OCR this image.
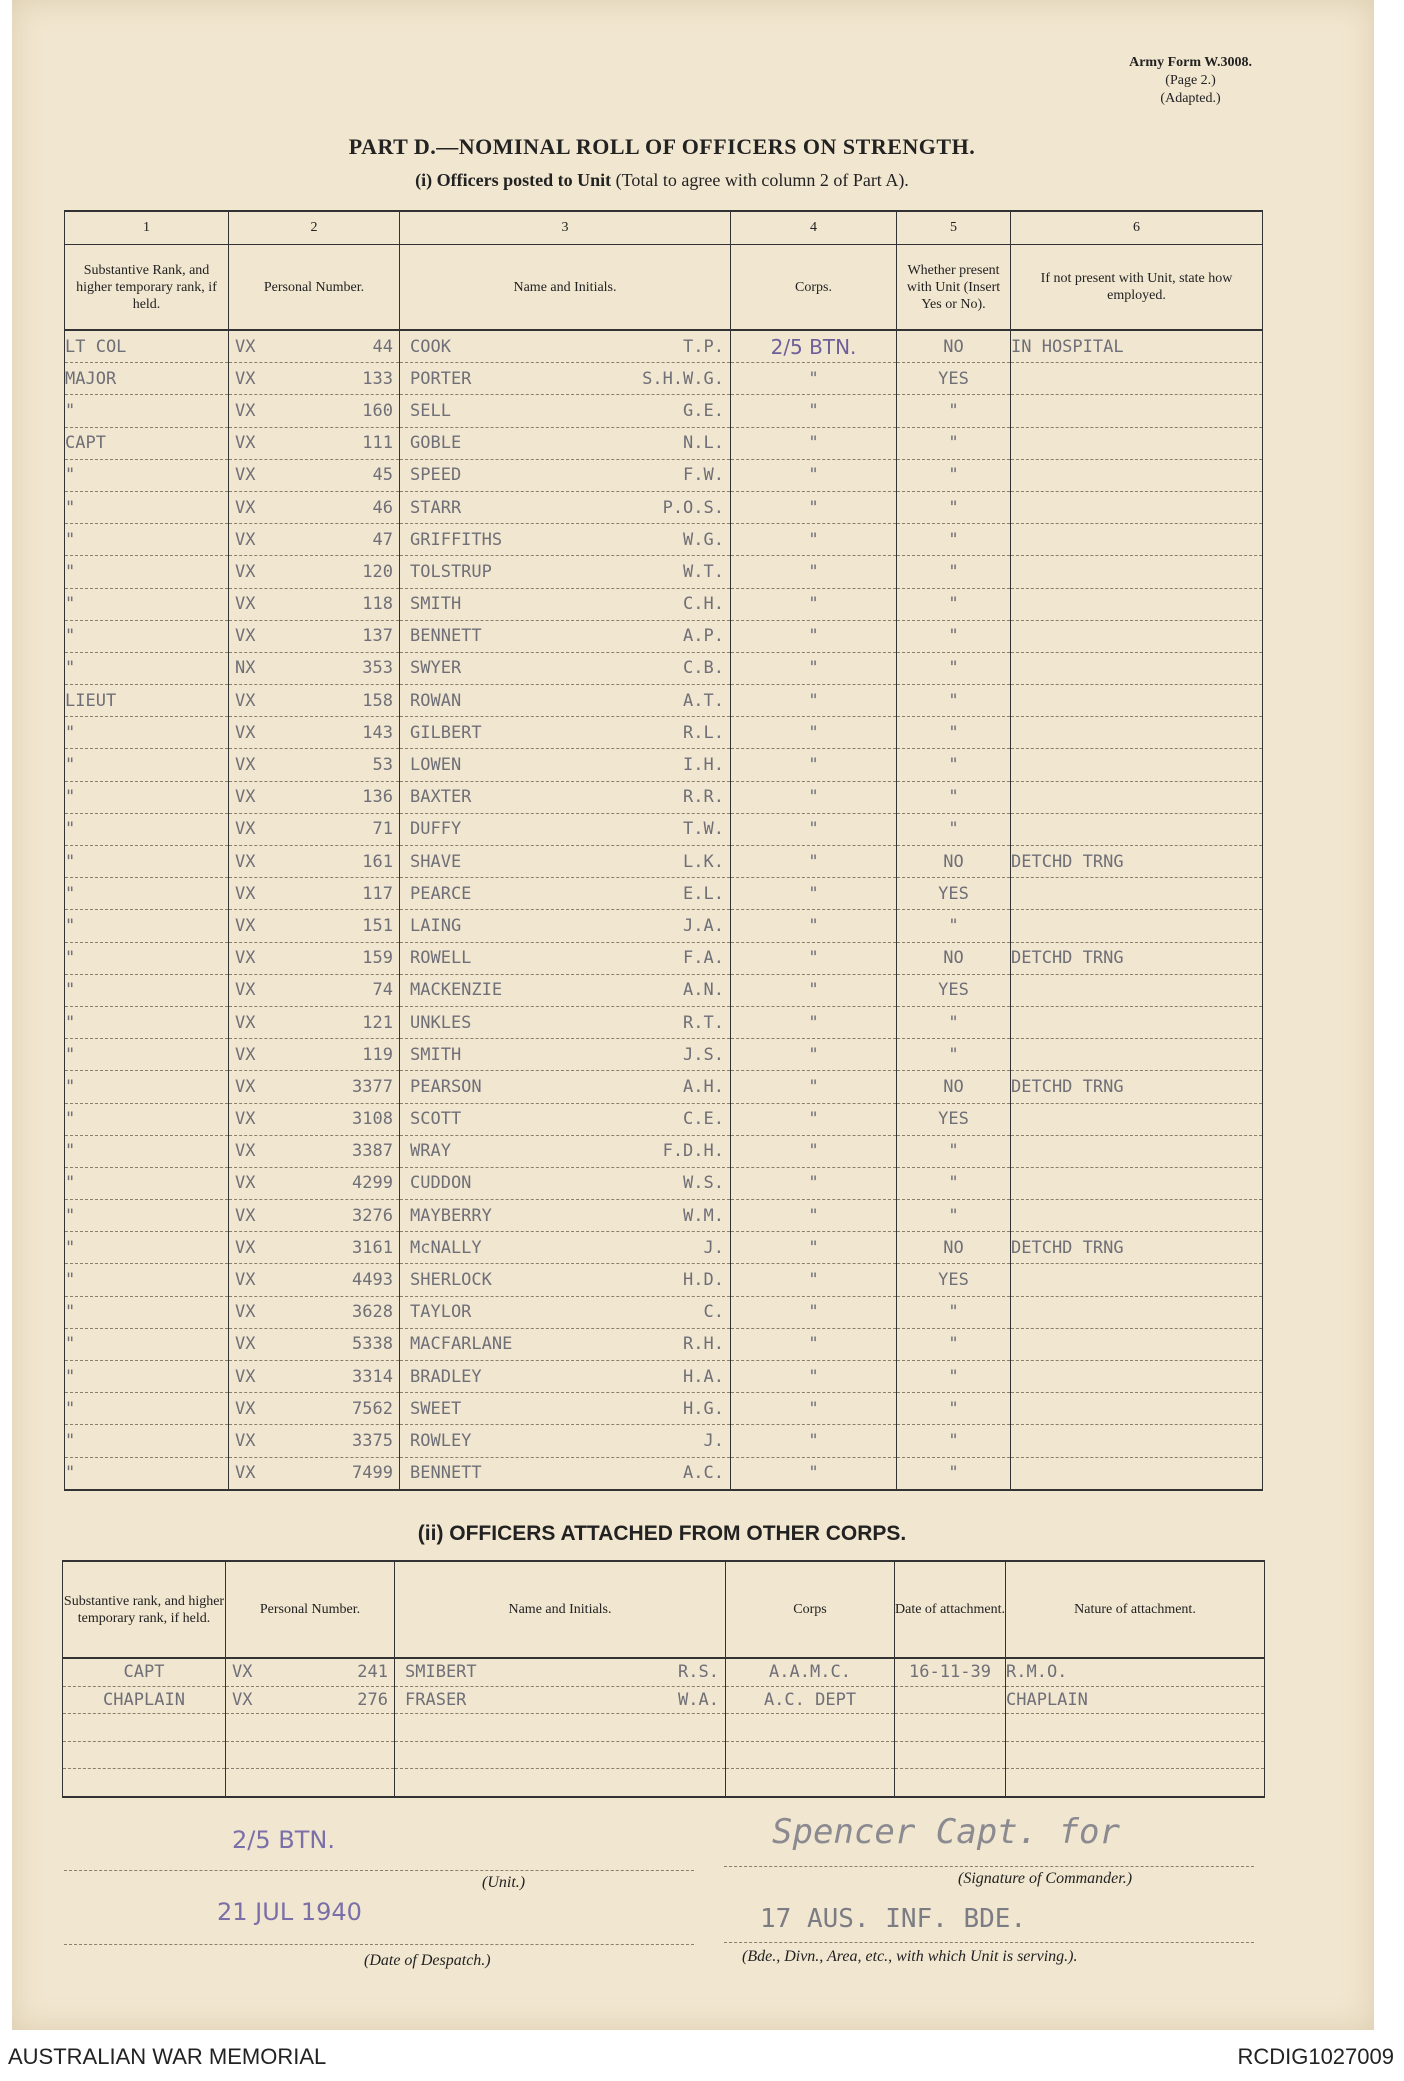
Army Form W.3008.
(Page 2.)
(Adapted.)
PART D.—NOMINAL ROLL OF OFFICERS ON STRENGTH.
(i) Officers posted to Unit (Total to agree with column 2 of Part A).
1	2	3	4	5	6
Substantive Rank, and higher temporary rank, if held.	Personal Number.	Name and Initials.	Corps.	Whether present with Unit (Insert Yes or No).	If not present with Unit, state how employed.
LT COL	VX 44	COOK T.P.	2/5 BTN.	NO	IN HOSPITAL
MAJOR	VX 133	PORTER S.H.W.G.	"	YES	
"	VX 160	SELL G.E.	"	"	
CAPT	VX 111	GOBLE N.L.	"	"	
"	VX 45	SPEED F.W.	"	"	
"	VX 46	STARR P.O.S.	"	"	
"	VX 47	GRIFFITHS W.G.	"	"	
"	VX 120	TOLSTRUP W.T.	"	"	
"	VX 118	SMITH C.H.	"	"	
"	VX 137	BENNETT A.P.	"	"	
"	NX 353	SWYER C.B.	"	"	
LIEUT	VX 158	ROWAN A.T.	"	"	
"	VX 143	GILBERT R.L.	"	"	
"	VX 53	LOWEN I.H.	"	"	
"	VX 136	BAXTER R.R.	"	"	
"	VX 71	DUFFY T.W.	"	"	
"	VX 161	SHAVE L.K.	"	NO	DETCHD TRNG
"	VX 117	PEARCE E.L.	"	YES	
"	VX 151	LAING J.A.	"	"	
"	VX 159	ROWELL F.A.	"	NO	DETCHD TRNG
"	VX 74	MACKENZIE A.N.	"	YES	
"	VX 121	UNKLES R.T.	"	"	
"	VX 119	SMITH J.S.	"	"	
"	VX 3377	PEARSON A.H.	"	NO	DETCHD TRNG
"	VX 3108	SCOTT C.E.	"	YES	
"	VX 3387	WRAY F.D.H.	"	"	
"	VX 4299	CUDDON W.S.	"	"	
"	VX 3276	MAYBERRY W.M.	"	"	
"	VX 3161	McNALLY J.	"	NO	DETCHD TRNG
"	VX 4493	SHERLOCK H.D.	"	YES	
"	VX 3628	TAYLOR C.	"	"	
"	VX 5338	MACFARLANE R.H.	"	"	
"	VX 3314	BRADLEY H.A.	"	"	
"	VX 7562	SWEET H.G.	"	"	
"	VX 3375	ROWLEY J.	"	"	
"	VX 7499	BENNETT A.C.	"	"	
(ii) OFFICERS ATTACHED FROM OTHER CORPS.
Substantive rank, and higher temporary rank, if held.	Personal Number.	Name and Initials.	Corps	Date of attachment.	Nature of attachment.
CAPT	VX 241	SMIBERT R.S.	A.A.M.C.	16-11-39	R.M.O.
CHAPLAIN	VX 276	FRASER W.A.	A.C. DEPT		CHAPLAIN

2/5 BTN.
(Unit.)
21 JUL 1940
(Date of Despatch.)
Spencer Capt. for
(Signature of Commander.)
17 AUS. INF. BDE.
(Bde., Divn., Area, etc., with which Unit is serving.).
AUSTRALIAN WAR MEMORIAL	RCDIG1027009
